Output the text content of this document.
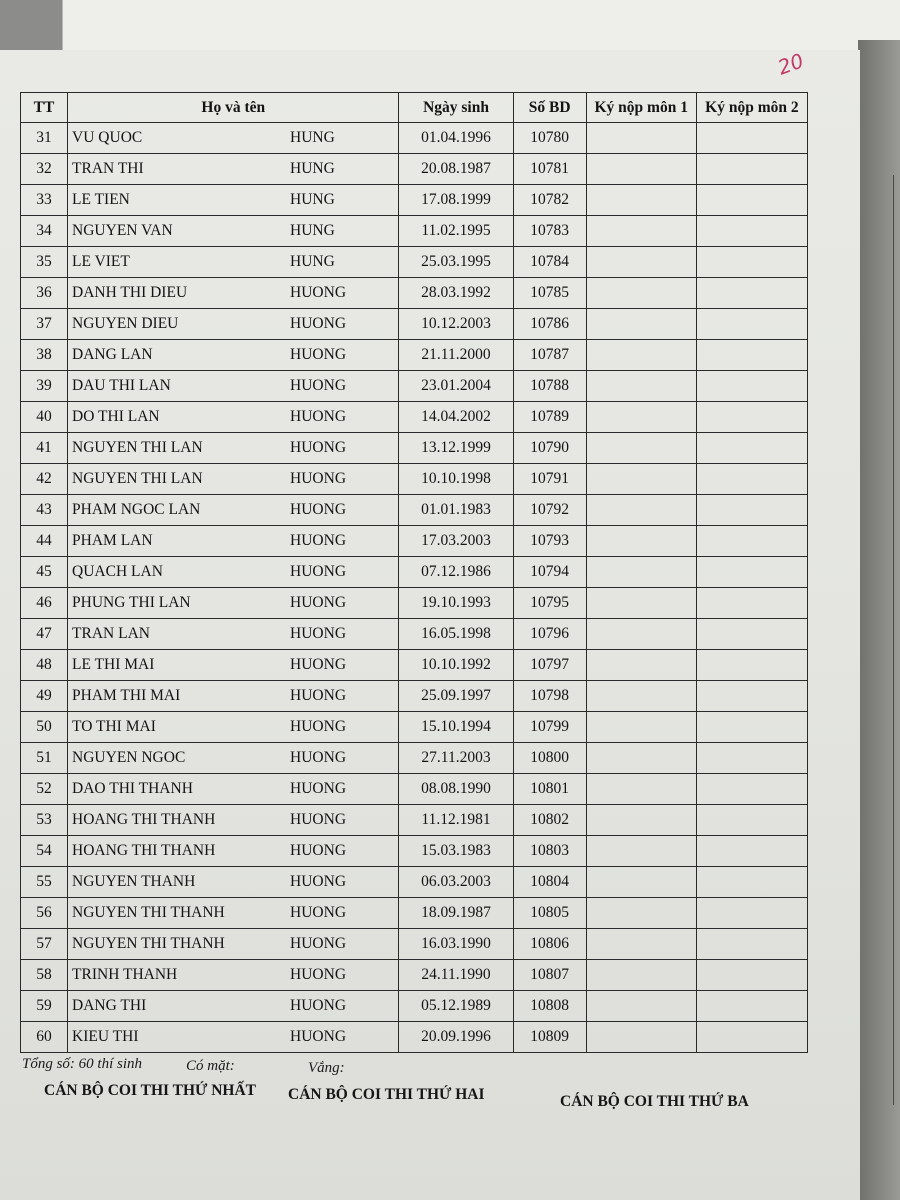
20
TT	Họ và tên	Ngày sinh	Số BD	Ký nộp môn 1	Ký nộp môn 2
31	VU QUOC HUNG	01.04.1996	10780		
32	TRAN THI HUNG	20.08.1987	10781		
33	LE TIEN HUNG	17.08.1999	10782		
34	NGUYEN VAN HUNG	11.02.1995	10783		
35	LE VIET HUNG	25.03.1995	10784		
36	DANH THI DIEU HUONG	28.03.1992	10785		
37	NGUYEN DIEU HUONG	10.12.2003	10786		
38	DANG LAN HUONG	21.11.2000	10787		
39	DAU THI LAN HUONG	23.01.2004	10788		
40	DO THI LAN HUONG	14.04.2002	10789		
41	NGUYEN THI LAN HUONG	13.12.1999	10790		
42	NGUYEN THI LAN HUONG	10.10.1998	10791		
43	PHAM NGOC LAN HUONG	01.01.1983	10792		
44	PHAM LAN HUONG	17.03.2003	10793		
45	QUACH LAN HUONG	07.12.1986	10794		
46	PHUNG THI LAN HUONG	19.10.1993	10795		
47	TRAN LAN HUONG	16.05.1998	10796		
48	LE THI MAI HUONG	10.10.1992	10797		
49	PHAM THI MAI HUONG	25.09.1997	10798		
50	TO THI MAI HUONG	15.10.1994	10799		
51	NGUYEN NGOC HUONG	27.11.2003	10800		
52	DAO THI THANH HUONG	08.08.1990	10801		
53	HOANG THI THANH HUONG	11.12.1981	10802		
54	HOANG THI THANH HUONG	15.03.1983	10803		
55	NGUYEN THANH HUONG	06.03.2003	10804		
56	NGUYEN THI THANH HUONG	18.09.1987	10805		
57	NGUYEN THI THANH HUONG	16.03.1990	10806		
58	TRINH THANH HUONG	24.11.1990	10807		
59	DANG THI HUONG	05.12.1989	10808		
60	KIEU THI HUONG	20.09.1996	10809		
Tổng số: 60 thí sinh	Có mặt:	Vắng:
CÁN BỘ COI THI THỨ NHẤT CÁN BỘ COI THI THỨ HAI	CÁN BỘ COI THI THỨ BA
